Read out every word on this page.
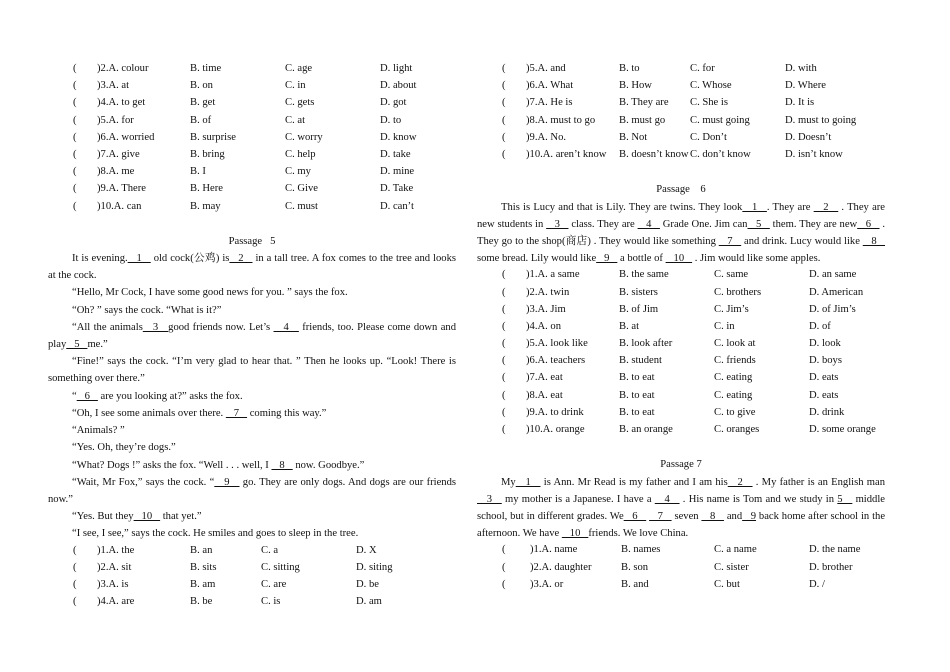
( )2.A. colour	B. time	C. age	D. light
( )3.A. at	B. on	C. in	D. about
( )4.A. to get	B. get	C. gets	D. got
( )5.A. for	B. of	C. at	D. to
( )6.A. worried	B. surprise	C. worry	D. know
( )7.A. give	B. bring	C. help	D. take
( )8.A. me	B. I	C. my	D. mine
( )9.A. There	B. Here	C. Give	D. Take
( )10.A. can	B. may	C. must	D. can’t
Passage   5

It is evening.   1    old cock(公鸡) is   2    in a tall tree. A fox comes to the tree and looks at the cock.

“Hello, Mr Cock, I have some good news for you. ” says the fox.

“Oh? ” says the cock. “What is it?”

“All the animals   3   good friends now. Let’s    4    friends, too. Please come down and play   5   me.”

“Fine!” says the cock. “I’m very glad to hear that. ” Then he looks up. “Look! There is something over there.”

“   6    are you looking at?” asks the fox.

“Oh, I see some animals over there.    7    coming this way.”

“Animals? ”

“Yes. Oh, they’re dogs.”

“What? Dogs !” asks the fox. “Well . . . well, I    8    now. Goodbye.”

“Wait, Mr Fox,” says the cock. “   9    go. They are only dogs. And dogs are our friends now.”

“Yes. But they   10    that yet.”

“I see, I see,” says the cock. He smiles and goes to sleep in the tree.

( )1.A. the	B. an	C. a	D. X
( )2.A. sit	B. sits	C. sitting	D. siting
( )3.A. is	B. am	C. are	D. be
( )4.A. are	B. be	C. is	D. am
( )5.A. and	B. to	C. for	D. with
( )6.A. What	B. How	C. Whose	D. Where
( )7.A. He is	B. They are C. She is	D. It is
( )8.A. must to go B. must go C. must going	D. must to going
( )9.A. No.	B. Not	C. Don’t	D. Doesn’t
( )10.A. aren’t know B. doesn’t know C. don’t know	D. isn’t know
Passage    6

This is Lucy and that is Lily. They are twins. They look   1   . They are    2    . They are new students in    3    class. They are    4    Grade One. Jim can   5    them. They are new   6    . They go to the shop(商店) . They would like something    7    and drink. Lucy would like    8    some bread. Lily would like   9    a bottle of    10    . Jim would like some apples.

( )1.A. a same	B. the same	C. same	D. an same
( )2.A. twin	B. sisters	C. brothers	D. American
( )3.A. Jim	B. of Jim	C. Jim’s	D. of Jim’s
( )4.A. on	B. at	C. in	D. of
( )5.A. look like	B. look after	C. look at	D. look
( )6.A. teachers	B. student	C. friends	D. boys
( )7.A. eat	B. to eat	C. eating	D. eats
( )8.A. eat	B. to eat	C. eating	D. eats
( )9.A. to drink	B. to eat	C. to give	D. drink
( )10.A. orange	B. an orange	C. oranges	D. some orange
Passage 7

My   1    is Ann. Mr Read is my father and I am his   2    . My father is an English man   3    my mother is a Japanese. I have a    4    . His name is Tom and we study in 5    middle school, but in different grades. We   6       7    seven    8    and   9 back home after school in the afternoon. We have    10   friends. We love China.

( )1.A. name	B. names	C. a name	D. the name
( )2.A. daughter	B. son	C. sister	D. brother
( )3.A. or	B. and	C. but	D. /
